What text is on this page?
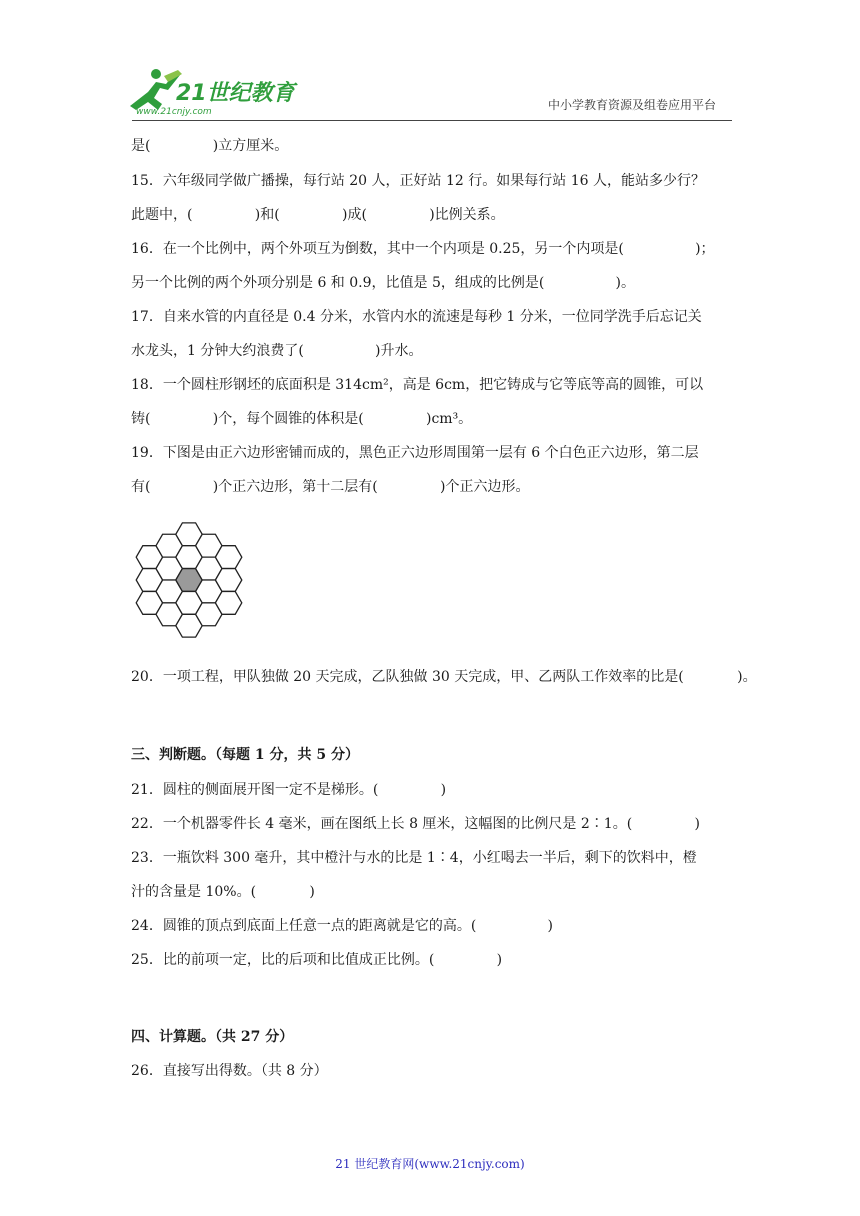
21世纪教育
www.21cnjy.com	中小学教育资源及组卷应用平台
是(              )立方厘米。
15．六年级同学做广播操，每行站 20 人，正好站 12 行。如果每行站 16 人，能站多少行？
此题中，(              )和(              )成(              )比例关系。
16．在一个比例中，两个外项互为倒数，其中一个内项是 0.25，另一个内项是(                )；
另一个比例的两个外项分别是 6 和 0.9，比值是 5，组成的比例是(                )。
17．自来水管的内直径是 0.4 分米，水管内水的流速是每秒 1 分米，一位同学洗手后忘记关
水龙头，1 分钟大约浪费了(                )升水。
18．一个圆柱形钢坯的底面积是 314cm²，高是 6cm，把它铸成与它等底等高的圆锥，可以
铸(              )个，每个圆锥的体积是(              )cm³。
19．下图是由正六边形密铺而成的，黑色正六边形周围第一层有 6 个白色正六边形，第二层
有(              )个正六边形，第十二层有(              )个正六边形。
20．一项工程，甲队独做 20 天完成，乙队独做 30 天完成，甲、乙两队工作效率的比是(            )。
三、判断题。（每题 1 分，共 5 分）
21．圆柱的侧面展开图一定不是梯形。(              )
22．一个机器零件长 4 毫米，画在图纸上长 8 厘米，这幅图的比例尺是 2∶1。(              )
23．一瓶饮料 300 毫升，其中橙汁与水的比是 1∶4，小红喝去一半后，剩下的饮料中，橙
汁的含量是 10%。(            )
24．圆锥的顶点到底面上任意一点的距离就是它的高。(                )
25．比的前项一定，比的后项和比值成正比例。(              )
四、计算题。（共 27 分）
26．直接写出得数。（共 8 分）
21 世纪教育网(www.21cnjy.com)
